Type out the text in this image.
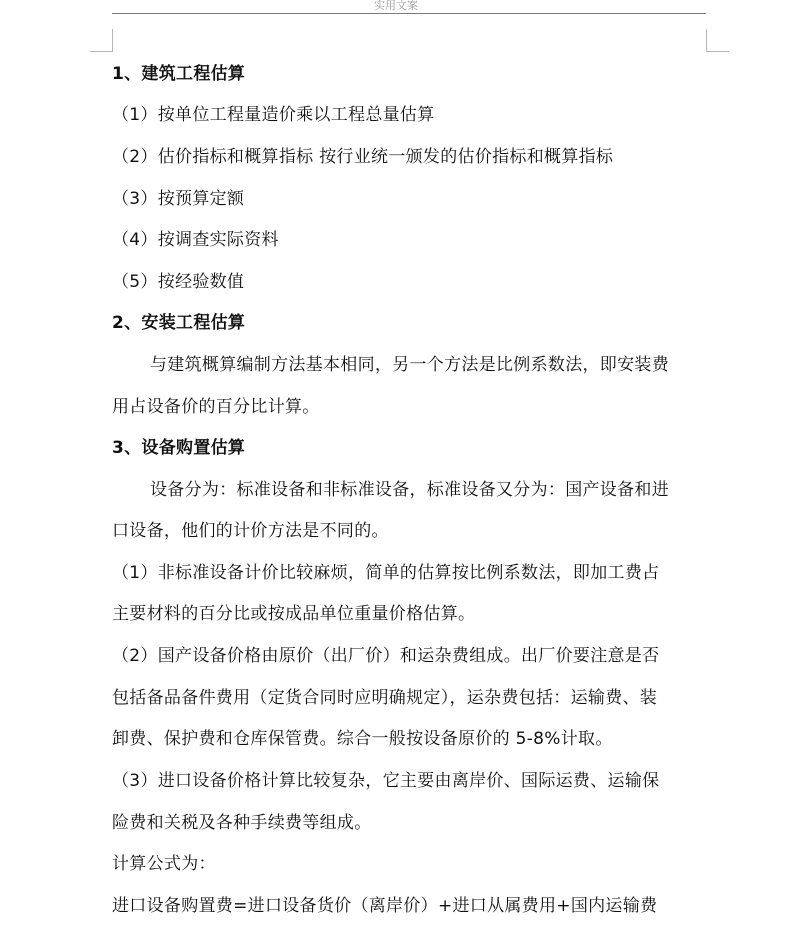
实用文案
1、建筑工程估算
（1）按单位工程量造价乘以工程总量估算
（2）估价指标和概算指标 按行业统一颁发的估价指标和概算指标
（3）按预算定额
（4）按调查实际资料
（5）按经验数值
2、安装工程估算
与建筑概算编制方法基本相同，另一个方法是比例系数法，即安装费
用占设备价的百分比计算。
3、设备购置估算
设备分为：标准设备和非标准设备，标准设备又分为：国产设备和进
口设备，他们的计价方法是不同的。
（1）非标准设备计价比较麻烦，简单的估算按比例系数法，即加工费占
主要材料的百分比或按成品单位重量价格估算。
（2）国产设备价格由原价（出厂价）和运杂费组成。出厂价要注意是否
包括备品备件费用（定货合同时应明确规定），运杂费包括：运输费、装
卸费、保护费和仓库保管费。综合一般按设备原价的 5-8%计取。
（3）进口设备价格计算比较复杂，它主要由离岸价、国际运费、运输保
险费和关税及各种手续费等组成。
计算公式为：
进口设备购置费=进口设备货价（离岸价）+进口从属费用+国内运输费
